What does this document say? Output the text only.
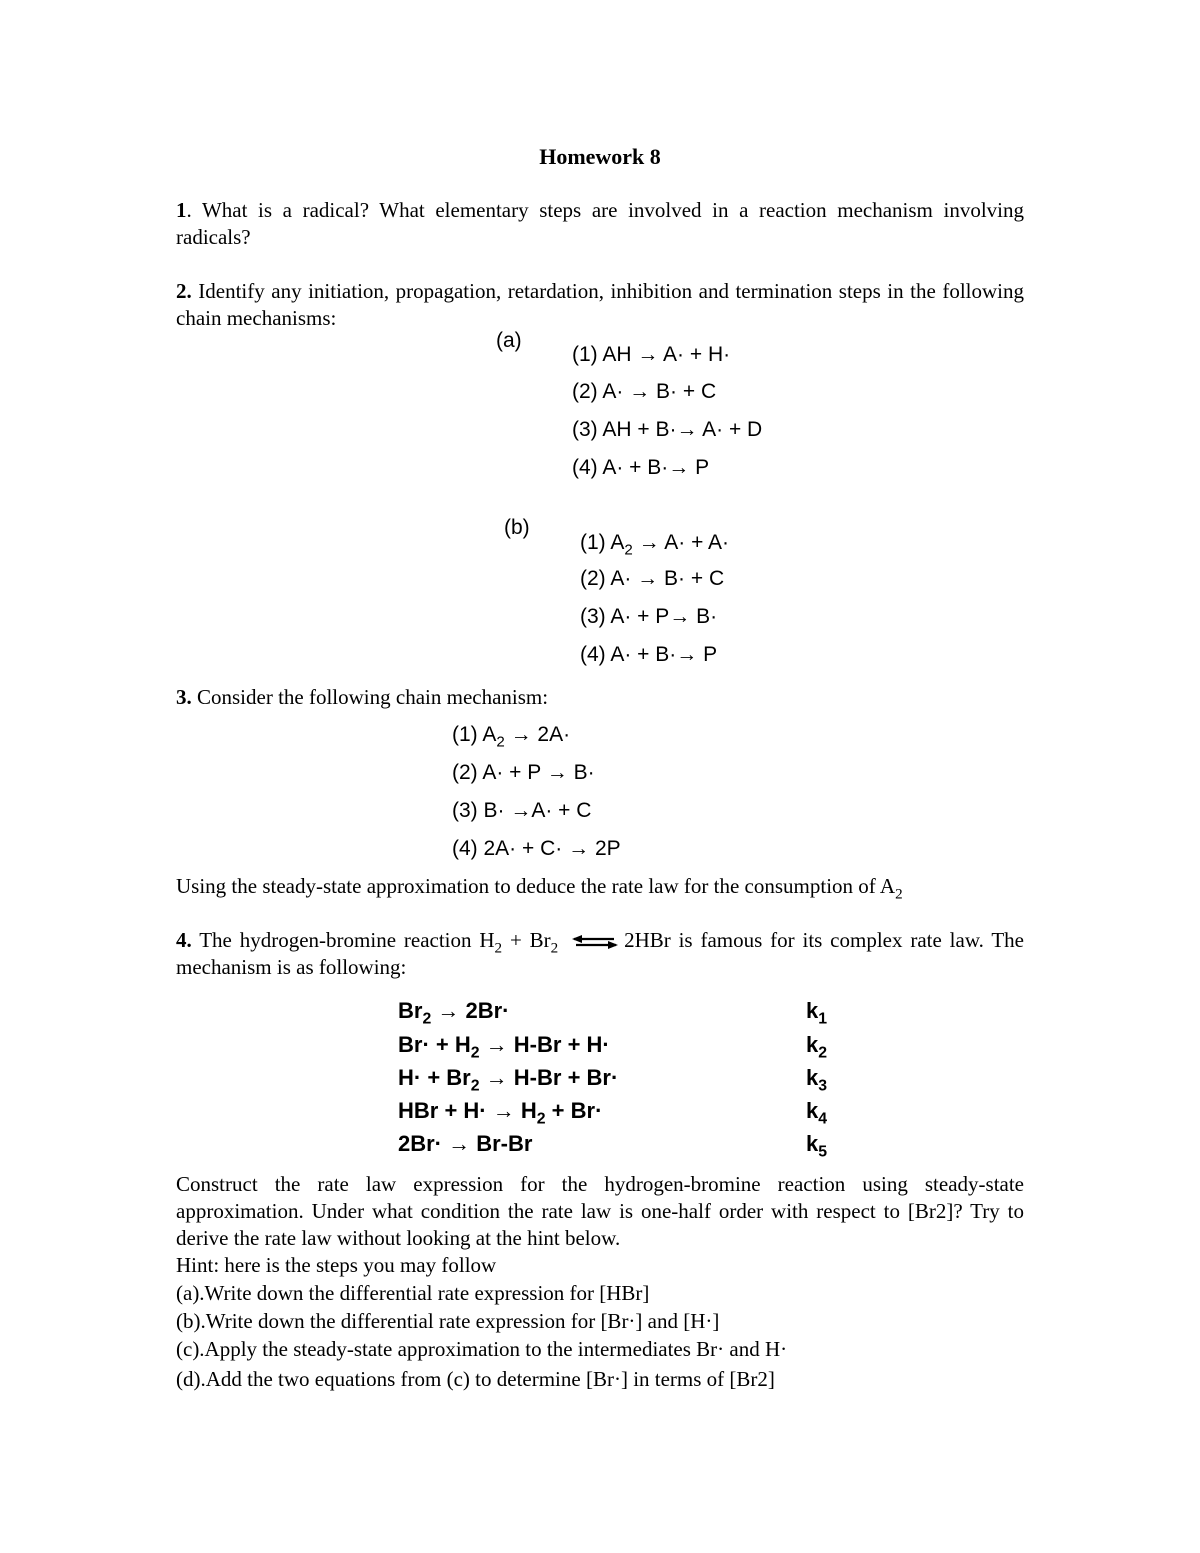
Homework 8
1. What is a radical? What elementary steps are involved in a reaction mechanism involving radicals?
2. Identify any initiation, propagation, retardation, inhibition and termination steps in the following chain mechanisms:
(a)
(1) AH → A· + H·
(2) A· → B· + C
(3) AH + B·→ A· + D
(4) A· + B·→ P
(b)
(1) $A_2 \to A\cdot + A\cdot$
(2) A· → B· + C
(3) A· + P→ B·
(4) A· + B·→ P
3. Consider the following chain mechanism:
(1) $A_2 \to 2A\cdot$
(2) A· + P → B·
(3) B· →A· + C
(4) 2A· + C· → 2P
Using the steady-state approximation to deduce the rate law for the consumption of $A_2$
4. The hydrogen-bromine reaction $H_2 + Br_2$ ⇌ 2HBr is famous for its complex rate law. The mechanism is as following:
$Br_2 \to 2Br\cdot$	$k_1$
$Br\cdot + H_2 \to H-Br + H\cdot$	$k_2$
$H\cdot + Br_2 \to H-Br + Br\cdot$	$k_3$
HBr + $H\cdot \to H_2 + Br\cdot$	$k_4$
2Br· → Br-Br	$k_5$
Construct the rate law expression for the hydrogen-bromine reaction using steady-state approximation. Under what condition the rate law is one-half order with respect to [Br2]? Try to derive the rate law without looking at the hint below.
Hint: here is the steps you may follow
(a).Write down the differential rate expression for [HBr]
(b).Write down the differential rate expression for [Br·] and [H·]
(c).Apply the steady-state approximation to the intermediates Br· and H·
(d).Add the two equations from (c) to determine [Br·] in terms of [Br2]
